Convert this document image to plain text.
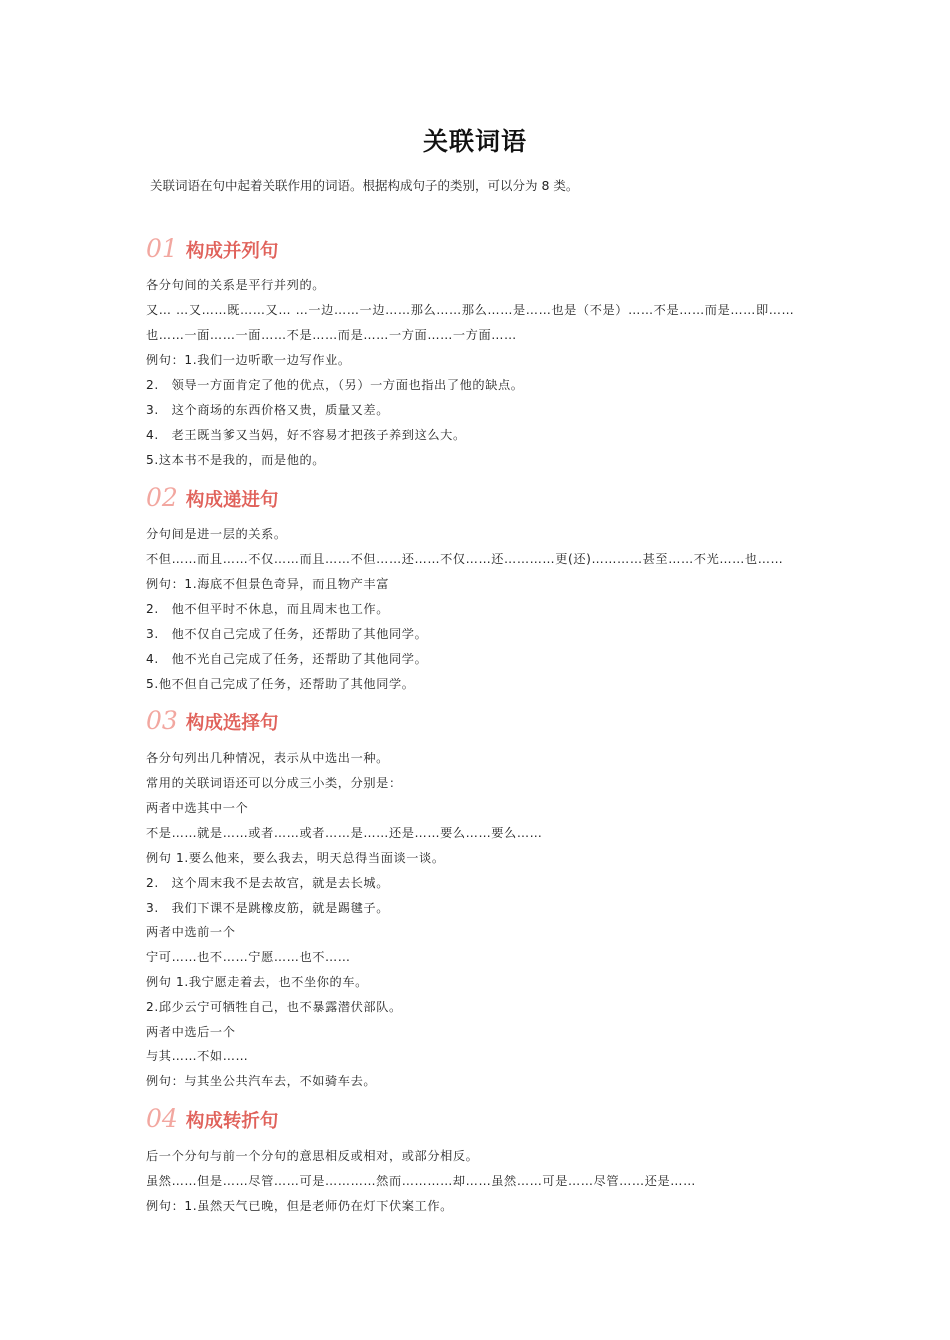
关联词语
关联词语在句中起着关联作用的词语。根据构成句子的类别，可以分为 8 类。
01 构成并列句
各分句间的关系是平行并列的。
又… …又……既……又… …一边……一边……那么……那么……是……也是（不是）……不是……而是……即……
也……一面……一面……不是……而是……一方面……一方面……
例句：1.我们一边听歌一边写作业。
2.　领导一方面肯定了他的优点，（另）一方面也指出了他的缺点。
3.　这个商场的东西价格又贵，质量又差。
4.　老王既当爹又当妈，好不容易才把孩子养到这么大。
5.这本书不是我的，而是他的。
02 构成递进句
分句间是进一层的关系。
不但……而且……不仅……而且……不但……还……不仅……还…………更(还)…………甚至……不光……也……
例句：1.海底不但景色奇异，而且物产丰富
2.　他不但平时不休息，而且周末也工作。
3.　他不仅自己完成了任务，还帮助了其他同学。
4.　他不光自己完成了任务，还帮助了其他同学。
5.他不但自己完成了任务，还帮助了其他同学。
03 构成选择句
各分句列出几种情况，表示从中选出一种。
常用的关联词语还可以分成三小类，分别是：
两者中选其中一个
不是……就是……或者……或者……是……还是……要么……要么……
例句 1.要么他来，要么我去，明天总得当面谈一谈。
2.　这个周末我不是去故宫，就是去长城。
3.　我们下课不是跳橡皮筋，就是踢毽子。
两者中选前一个
宁可……也不……宁愿……也不……
例句 1.我宁愿走着去，也不坐你的车。
2.邱少云宁可牺牲自己，也不暴露潜伏部队。
两者中选后一个
与其……不如……
例句：与其坐公共汽车去，不如骑车去。
04 构成转折句
后一个分句与前一个分句的意思相反或相对，或部分相反。
虽然……但是……尽管……可是…………然而…………却……虽然……可是……尽管……还是……
例句：1.虽然天气已晚，但是老师仍在灯下伏案工作。
